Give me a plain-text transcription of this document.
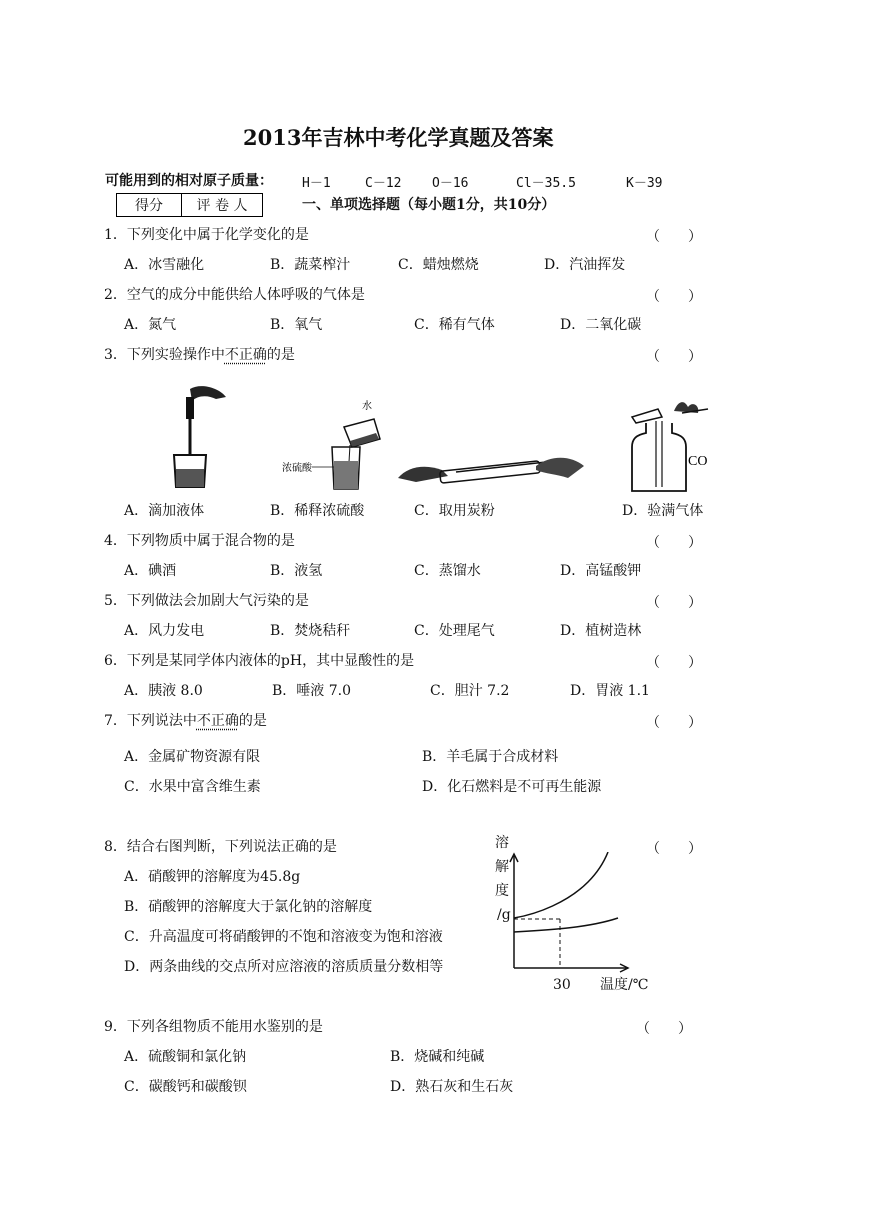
2013年吉林中考化学真题及答案
可能用到的相对原子质量： H－1	C－12 O－16	Cl－35.5	K－39
得分	评 卷 人	一、单项选择题（每小题1分，共10分）
1．下列变化中属于化学变化的是	（　　）
A．冰雪融化	B．蔬菜榨汁	C．蜡烛燃烧	D．汽油挥发
2．空气的成分中能供给人体呼吸的气体是	（　　）
A．氮气	B．氧气	C．稀有气体	D．二氧化碳
3．下列实验操作中不正确的是	（　　）
水
浓硫酸	CO
A．滴加液体	B．稀释浓硫酸	C．取用炭粉	D．验满气体
4．下列物质中属于混合物的是	（　　）
A．碘酒	B．液氢	C．蒸馏水	D．高锰酸钾
5．下列做法会加剧大气污染的是	（　　）
A．风力发电	B．焚烧秸秆	C．处理尾气	D．植树造林
6．下列是某同学体内液体的pH，其中显酸性的是	（　　）
A．胰液 8.0	B．唾液 7.0	C．胆汁 7.2	D．胃液 1.1
7．下列说法中不正确的是	（　　）
A．金属矿物资源有限	B．羊毛属于合成材料
C．水果中富含维生素	D．化石燃料是不可再生能源
8．结合右图判断，下列说法正确的是	（　　）
A．硝酸钾的溶解度为45.8g
B．硝酸钾的溶解度大于氯化钠的溶解度
C．升高温度可将硝酸钾的不饱和溶液变为饱和溶液
D．两条曲线的交点所对应溶液的溶质质量分数相等
溶
解
度
/g
30 温度/℃
9．下列各组物质不能用水鉴别的是	（　　）
A．硫酸铜和氯化钠	B．烧碱和纯碱
C．碳酸钙和碳酸钡	D．熟石灰和生石灰
